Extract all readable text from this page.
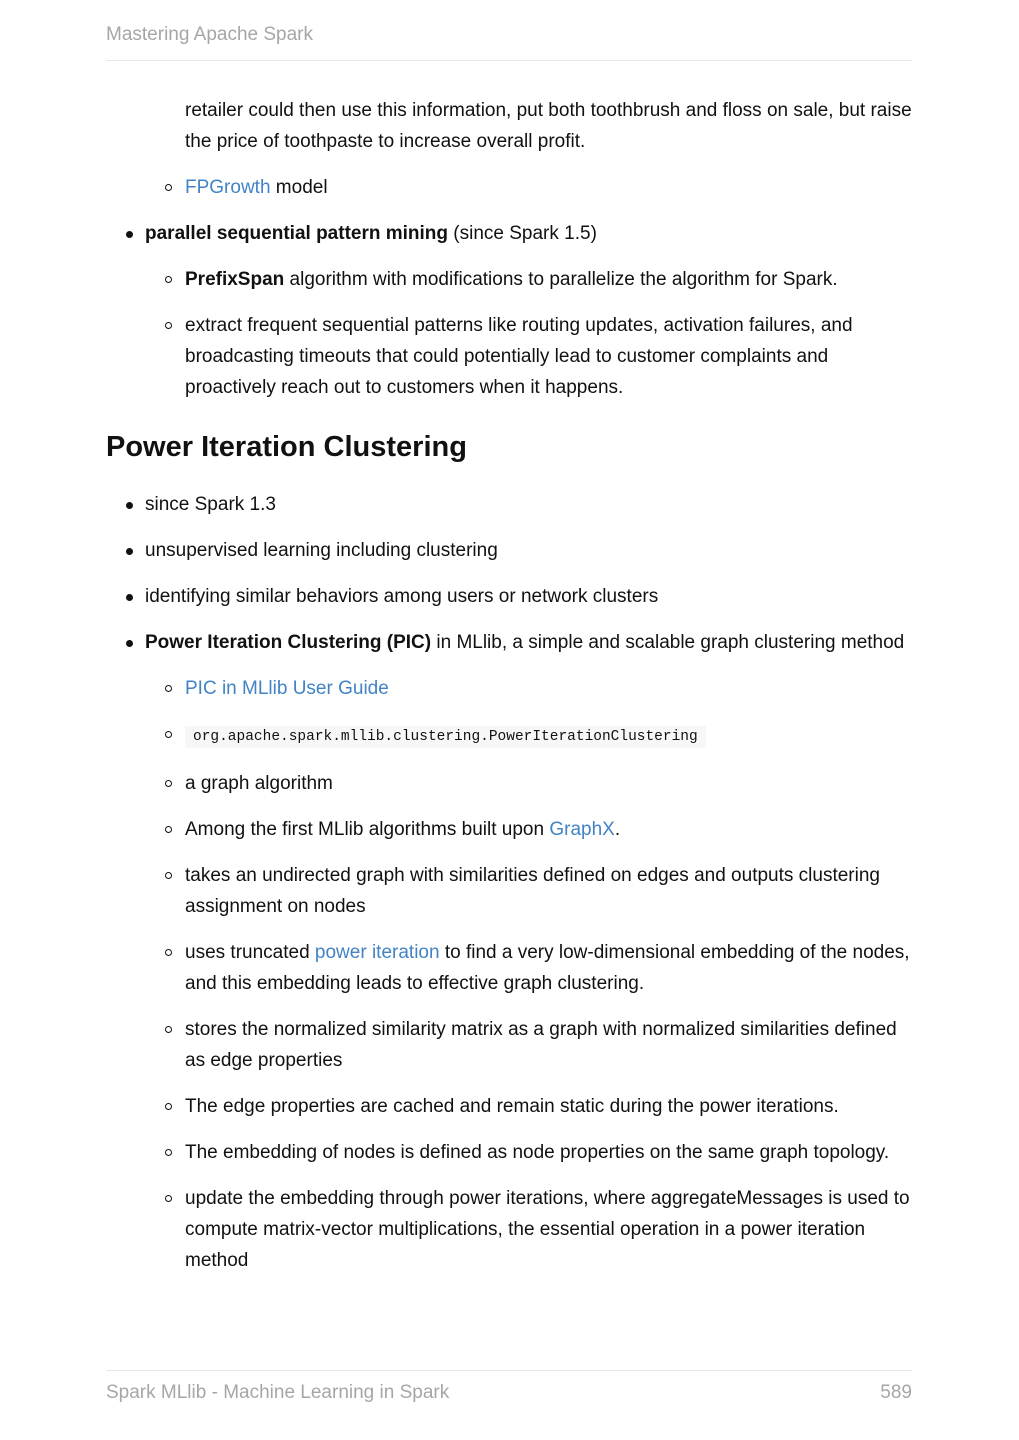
Mastering Apache Spark

retailer could then use this information, put both toothbrush and floss on sale, but raise the price of toothpaste to increase overall profit.

FPGrowth model
parallel sequential pattern mining (since Spark 1.5)
PrefixSpan algorithm with modifications to parallelize the algorithm for Spark.
extract frequent sequential patterns like routing updates, activation failures, and broadcasting timeouts that could potentially lead to customer complaints and proactively reach out to customers when it happens.
Power Iteration Clustering
since Spark 1.3
unsupervised learning including clustering
identifying similar behaviors among users or network clusters
Power Iteration Clustering (PIC) in MLlib, a simple and scalable graph clustering method
PIC in MLlib User Guide
org.apache.spark.mllib.clustering.PowerIterationClustering
a graph algorithm
Among the first MLlib algorithms built upon GraphX.
takes an undirected graph with similarities defined on edges and outputs clustering assignment on nodes
uses truncated power iteration to find a very low-dimensional embedding of the nodes, and this embedding leads to effective graph clustering.
stores the normalized similarity matrix as a graph with normalized similarities defined as edge properties
The edge properties are cached and remain static during the power iterations.
The embedding of nodes is defined as node properties on the same graph topology.
update the embedding through power iterations, where aggregateMessages is used to compute matrix-vector multiplications, the essential operation in a power iteration method
Spark MLlib - Machine Learning in Spark	589
